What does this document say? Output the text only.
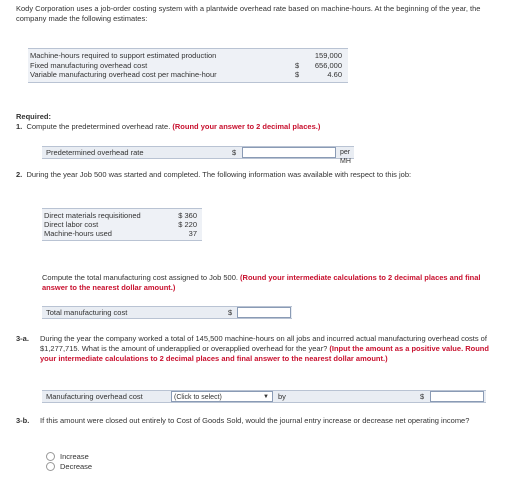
Kody Corporation uses a job-order costing system with a plantwide overhead rate based on machine-hours. At the beginning of the year, the company made the following estimates:
Machine-hours required to support estimated production	159,000
Fixed manufacturing overhead cost	$	656,000
Variable manufacturing overhead cost per machine-hour	$	4.60
Required:
1. Compute the predetermined overhead rate. (Round your answer to 2 decimal places.)
Predetermined overhead rate	$	per MH
2. During the year Job 500 was started and completed. The following information was available with respect to this job:
Direct materials requisitioned	$ 360
Direct labor cost	$ 220
Machine-hours used	37
Compute the total manufacturing cost assigned to Job 500. (Round your intermediate calculations to 2 decimal places and final answer to the nearest dollar amount.)
Total manufacturing cost	$
3-a.	During the year the company worked a total of 145,500 machine-hours on all jobs and incurred actual manufacturing overhead costs of $1,277,715. What is the amount of underapplied or overapplied overhead for the year? (Input the amount as a positive value. Round your intermediate calculations to 2 decimal places and final answer to the nearest dollar amount.)
Manufacturing overhead cost	(Click to select)	▼ by	$
3-b.	If this amount were closed out entirely to Cost of Goods Sold, would the journal entry increase or decrease net operating income?
Increase
Decrease
